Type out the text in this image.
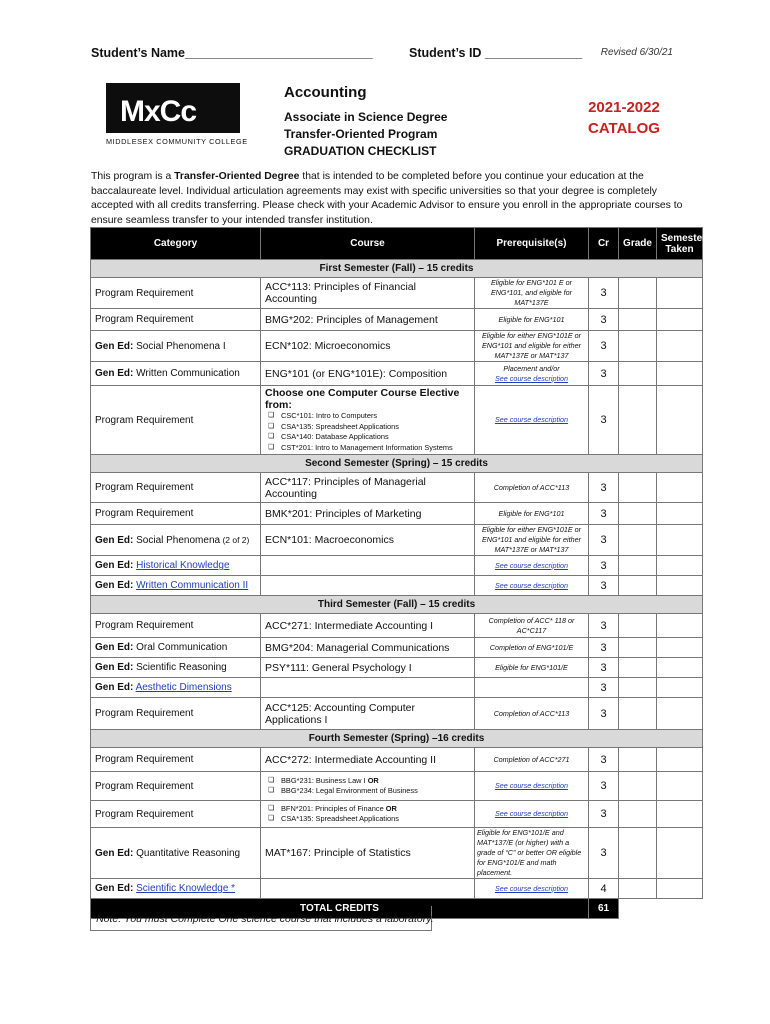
Student’s Name___________________________	Student’s ID ______________ Revised 6/30/21
MxCc
MIDDLESEX COMMUNITY COLLEGE
Accounting
Associate in Science Degree
Transfer-Oriented Program
GRADUATION CHECKLIST
2021-2022
CATALOG
This program is a Transfer-Oriented Degree that is intended to be completed before you continue your education at the baccalaureate level. Individual articulation agreements may exist with specific universities so that your degree is completely accepted with all credits transferring. Please check with your Academic Advisor to ensure you enroll in the appropriate courses to ensure seamless transfer to your intended transfer institution.
Category	Course	Prerequisite(s)	Cr	Grade	Semester Taken
First Semester (Fall) – 15 credits					
Program Requirement	ACC*113: Principles of Financial Accounting	Eligible for ENG*101 E or ENG*101, and eligible for MAT*137E	3		
Program Requirement	BMG*202: Principles of Management	Eligible for ENG*101	3		
Gen Ed: Social Phenomena I	ECN*102: Microeconomics	Eligible for either ENG*101E or ENG*101 and eligible for either MAT*137E or MAT*137	3		
Gen Ed: Written Communication	ENG*101 (or ENG*101E): Composition	Placement and/or
See course description	3		
Program Requirement	Choose one Computer Course Elective from:
❏ CSC*101: Intro to Computers
❏ CSA*135: Spreadsheet Applications
❏ CSA*140: Database Applications
❏ CST*201: Intro to Management Information Systems	See course description	3		
Second Semester (Spring) – 15 credits					
Program Requirement	ACC*117: Principles of Managerial Accounting	Completion of ACC*113	3		
Program Requirement	BMK*201: Principles of Marketing	Eligible for ENG*101	3		
Gen Ed: Social Phenomena (2 of 2)	ECN*101: Macroeconomics	Eligible for either ENG*101E or ENG*101 and eligible for either MAT*137E or MAT*137	3		
Gen Ed: Historical Knowledge		See course description	3		
Gen Ed: Written Communication II		See course description	3		
Third Semester (Fall) – 15 credits					
Program Requirement	ACC*271: Intermediate Accounting I	Completion of ACC* 118 or AC*C117	3		
Gen Ed: Oral Communication	BMG*204: Managerial Communications	Completion of ENG*101/E	3		
Gen Ed: Scientific Reasoning	PSY*111: General Psychology I	Eligible for ENG*101/E	3		
Gen Ed: Aesthetic Dimensions			3		
Program Requirement	ACC*125: Accounting Computer Applications I	Completion of ACC*113	3		
Fourth Semester (Spring) –16 credits					
Program Requirement	ACC*272: Intermediate Accounting II	Completion of ACC*271	3		
Program Requirement	❏ BBG*231: Business Law I OR
❏ BBG*234: Legal Environment of Business	See course description	3		
Program Requirement	❏ BFN*201: Principles of Finance OR
❏ CSA*135: Spreadsheet Applications	See course description	3		
Gen Ed: Quantitative Reasoning	MAT*167: Principle of Statistics	Eligible for ENG*101/E and MAT*137/E (or higher) with a grade of “C” or better OR eligible for ENG*101/E and math placement.	3		
Gen Ed: Scientific Knowledge *		See course description	4		
TOTAL CREDITS			61		
*Note: You must Complete One science course that includes a laboratory.
